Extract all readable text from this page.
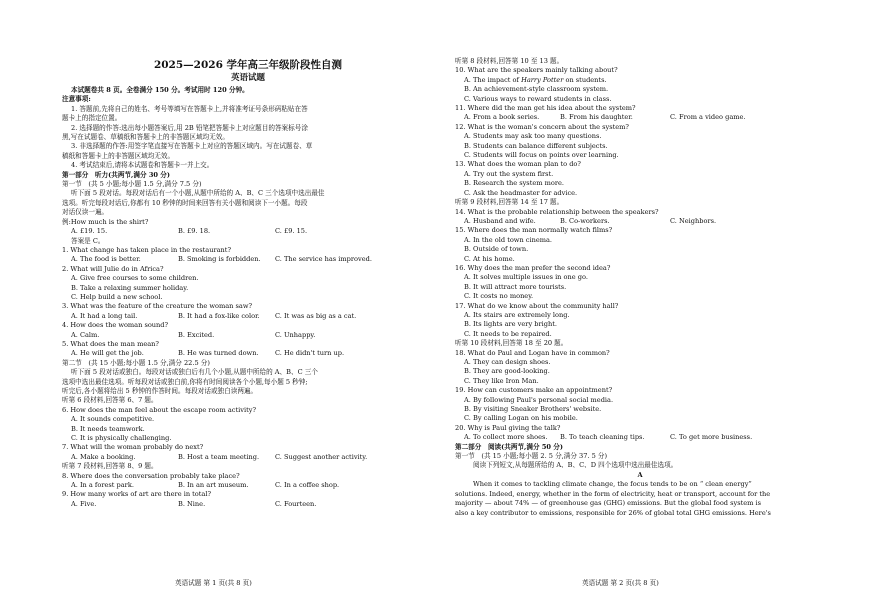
2025—2026 学年高三年级阶段性自测
英语试题
本试题卷共 8 页。全卷满分 150 分。考试用时 120 分钟。
注意事项:
1. 答题前,先将自己的姓名、考号等填写在答题卡上,并将准考证号条形码粘贴在答
题卡上的指定位置。
2. 选择题的作答:选出每小题答案后,用 2B 铅笔把答题卡上对应题目的答案标号涂
黑,写在试题卷、草稿纸和答题卡上的非答题区域均无效。
3. 非选择题的作答:用签字笔直接写在答题卡上对应的答题区域内。写在试题卷、草
稿纸和答题卡上的非答题区域均无效。
4. 考试结束后,请将本试题卷和答题卡一并上交。
第一部分　听力(共两节,满分 30 分)
第一节　(共 5 小题;每小题 1.5 分,满分 7.5 分)
听下面 5 段对话。每段对话后有一个小题,从题中所给的 A、B、C 三个选项中选出最佳
选项。听完每段对话后,你都有 10 秒钟的时间来回答有关小题和阅读下一小题。每段
对话仅读一遍。
例:How much is the shirt?
A. £19. 15.	B. £9. 18.	C. £9. 15.
答案是 C。
1. What change has taken place in the restaurant?
A. The food is better.	B. Smoking is forbidden.	C. The service has improved.
2. What will Julie do in Africa?
A. Give free courses to some children.
B. Take a relaxing summer holiday.
C. Help build a new school.
3. What was the feature of the creature the woman saw?
A. It had a long tail.	B. It had a fox-like color.	C. It was as big as a cat.
4. How does the woman sound?
A. Calm.	B. Excited.	C. Unhappy.
5. What does the man mean?
A. He will get the job.	B. He was turned down.	C. He didn't turn up.
第二节　(共 15 小题;每小题 1.5 分,满分 22.5 分)
听下面 5 段对话或独白。每段对话或独白后有几个小题,从题中所给的 A、B、C 三个
选项中选出最佳选项。听每段对话或独白前,你将有时间阅读各个小题,每小题 5 秒钟;
听完后,各小题将给出 5 秒钟的作答时间。每段对话或独白读两遍。
听第 6 段材料,回答第 6、7 题。
6. How does the man feel about the escape room activity?
A. It sounds competitive.
B. It needs teamwork.
C. It is physically challenging.
7. What will the woman probably do next?
A. Make a booking.	B. Host a team meeting.	C. Suggest another activity.
听第 7 段材料,回答第 8、9 题。
8. Where does the conversation probably take place?
A. In a forest park.	B. In an art museum.	C. In a coffee shop.
9. How many works of art are there in total?
A. Five.	B. Nine.	C. Fourteen.
听第 8 段材料,回答第 10 至 13 题。
10. What are the speakers mainly talking about?
A. The impact of Harry Potter on students.
B. An achievement-style classroom system.
C. Various ways to reward students in class.
11. Where did the man get his idea about the system?
A. From a book series.	B. From his daughter.	C. From a video game.
12. What is the woman's concern about the system?
A. Students may ask too many questions.
B. Students can balance different subjects.
C. Students will focus on points over learning.
13. What does the woman plan to do?
A. Try out the system first.
B. Research the system more.
C. Ask the headmaster for advice.
听第 9 段材料,回答第 14 至 17 题。
14. What is the probable relationship between the speakers?
A. Husband and wife.	B. Co-workers.	C. Neighbors.
15. Where does the man normally watch films?
A. In the old town cinema.
B. Outside of town.
C. At his home.
16. Why does the man prefer the second idea?
A. It solves multiple issues in one go.
B. It will attract more tourists.
C. It costs no money.
17. What do we know about the community hall?
A. Its stairs are extremely long.
B. Its lights are very bright.
C. It needs to be repaired.
听第 10 段材料,回答第 18 至 20 题。
18. What do Paul and Logan have in common?
A. They can design shoes.
B. They are good-looking.
C. They like Iron Man.
19. How can customers make an appointment?
A. By following Paul's personal social media.
B. By visiting Sneaker Brothers' website.
C. By calling Logan on his mobile.
20. Why is Paul giving the talk?
A. To collect more shoes.	B. To teach cleaning tips.	C. To get more business.
第二部分　阅读(共两节,满分 50 分)
第一节　(共 15 小题;每小题 2. 5 分,满分 37. 5 分)
阅读下列短文,从每题所给的 A、B、C、D 四个选项中选出最佳选项。
A
When it comes to tackling climate change, the focus tends to be on “ clean energy”
solutions. Indeed, energy, whether in the form of electricity, heat or transport, account for the
majority — about 74% — of greenhouse gas (GHG) emissions. But the global food system is
also a key contributor to emissions, responsible for 26% of global total GHG emissions. Here's
英语试题 第 1 页(共 8 页)	英语试题 第 2 页(共 8 页)
